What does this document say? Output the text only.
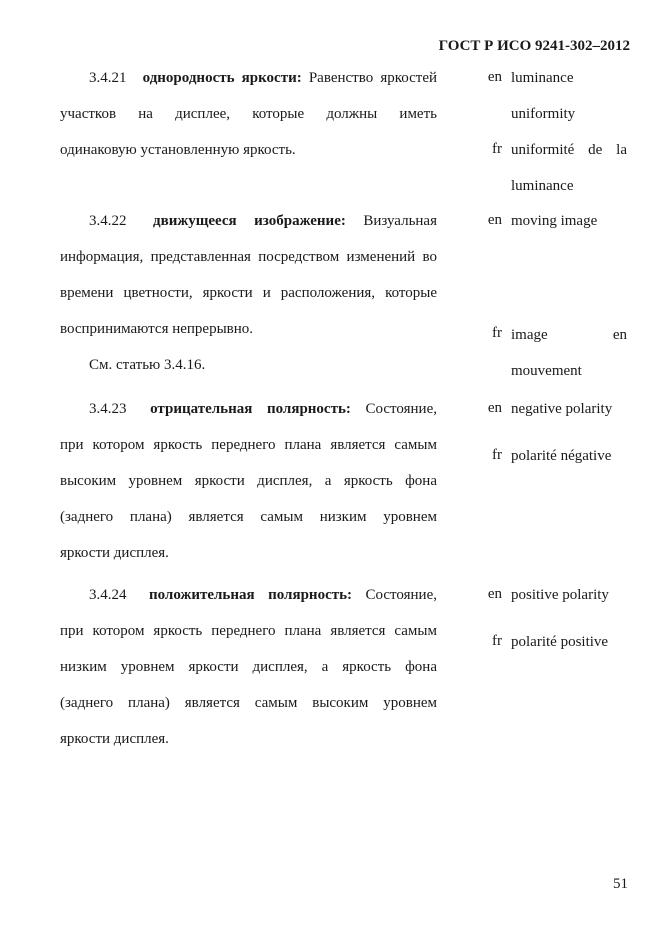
ГОСТ Р ИСО 9241-302–2012

3.4.21 однородность яркости: Равенство яркостей

участков на дисплее, которые должны иметь

одинаковую установленную яркость.

en luminance
uniformity
fr uniformité de la
luminance

3.4.22 движущееся изображение: Визуальная

информация, представленная посредством изменений во

времени цветности, яркости и расположения, которые

воспринимаются непрерывно.

См. статью 3.4.16.
en moving image
fr image en
mouvement

3.4.23 отрицательная полярность: Состояние,

при котором яркость переднего плана является самым

высоким уровнем яркости дисплея, а яркость фона

(заднего плана) является самым низким уровнем

яркости дисплея.

en negative polarity
fr polarité négative

3.4.24 положительная полярность: Состояние,

при котором яркость переднего плана является самым

низким уровнем яркости дисплея, а яркость фона

(заднего плана) является самым высоким уровнем

яркости дисплея.

en positive polarity
fr polarité positive
51
